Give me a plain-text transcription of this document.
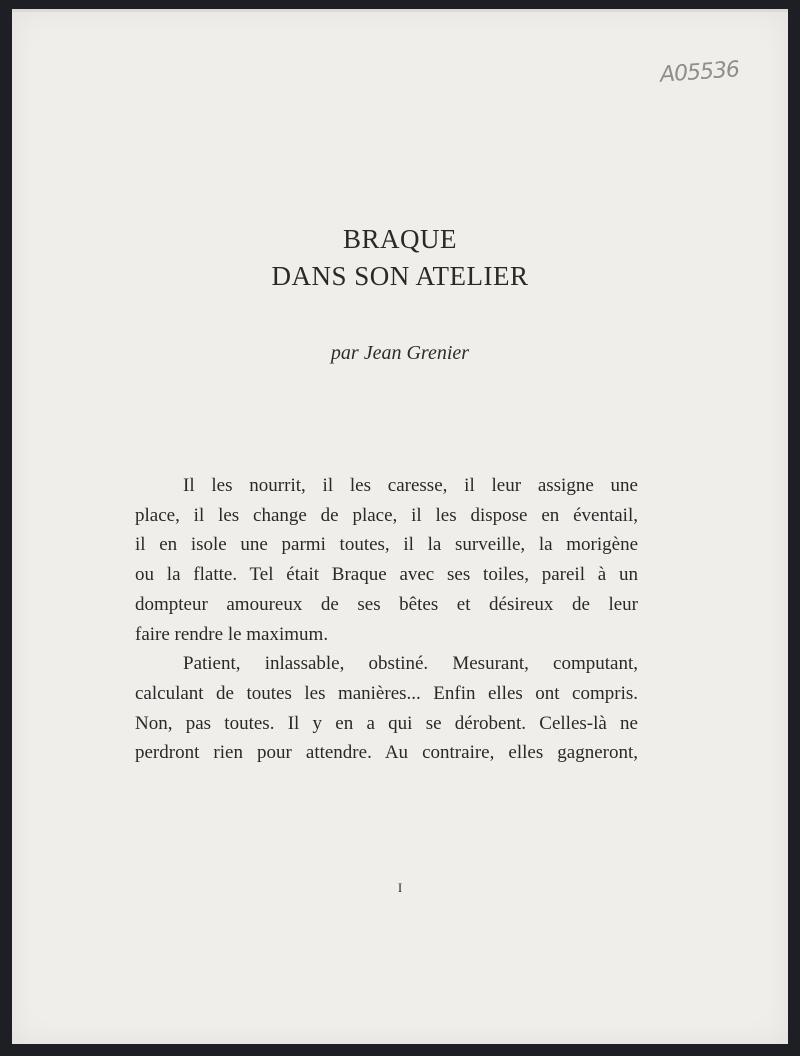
A05536
BRAQUE
DANS SON ATELIER
par Jean Grenier
Il les nourrit, il les caresse, il leur assigne une
place, il les change de place, il les dispose en éventail,
il en isole une parmi toutes, il la surveille, la morigène
ou la flatte. Tel était Braque avec ses toiles, pareil à un
dompteur amoureux de ses bêtes et désireux de leur
faire rendre le maximum.
Patient, inlassable, obstiné. Mesurant, computant,
calculant de toutes les manières... Enfin elles ont compris.
Non, pas toutes. Il y en a qui se dérobent. Celles-là ne
perdront rien pour attendre. Au contraire, elles gagneront,
I
